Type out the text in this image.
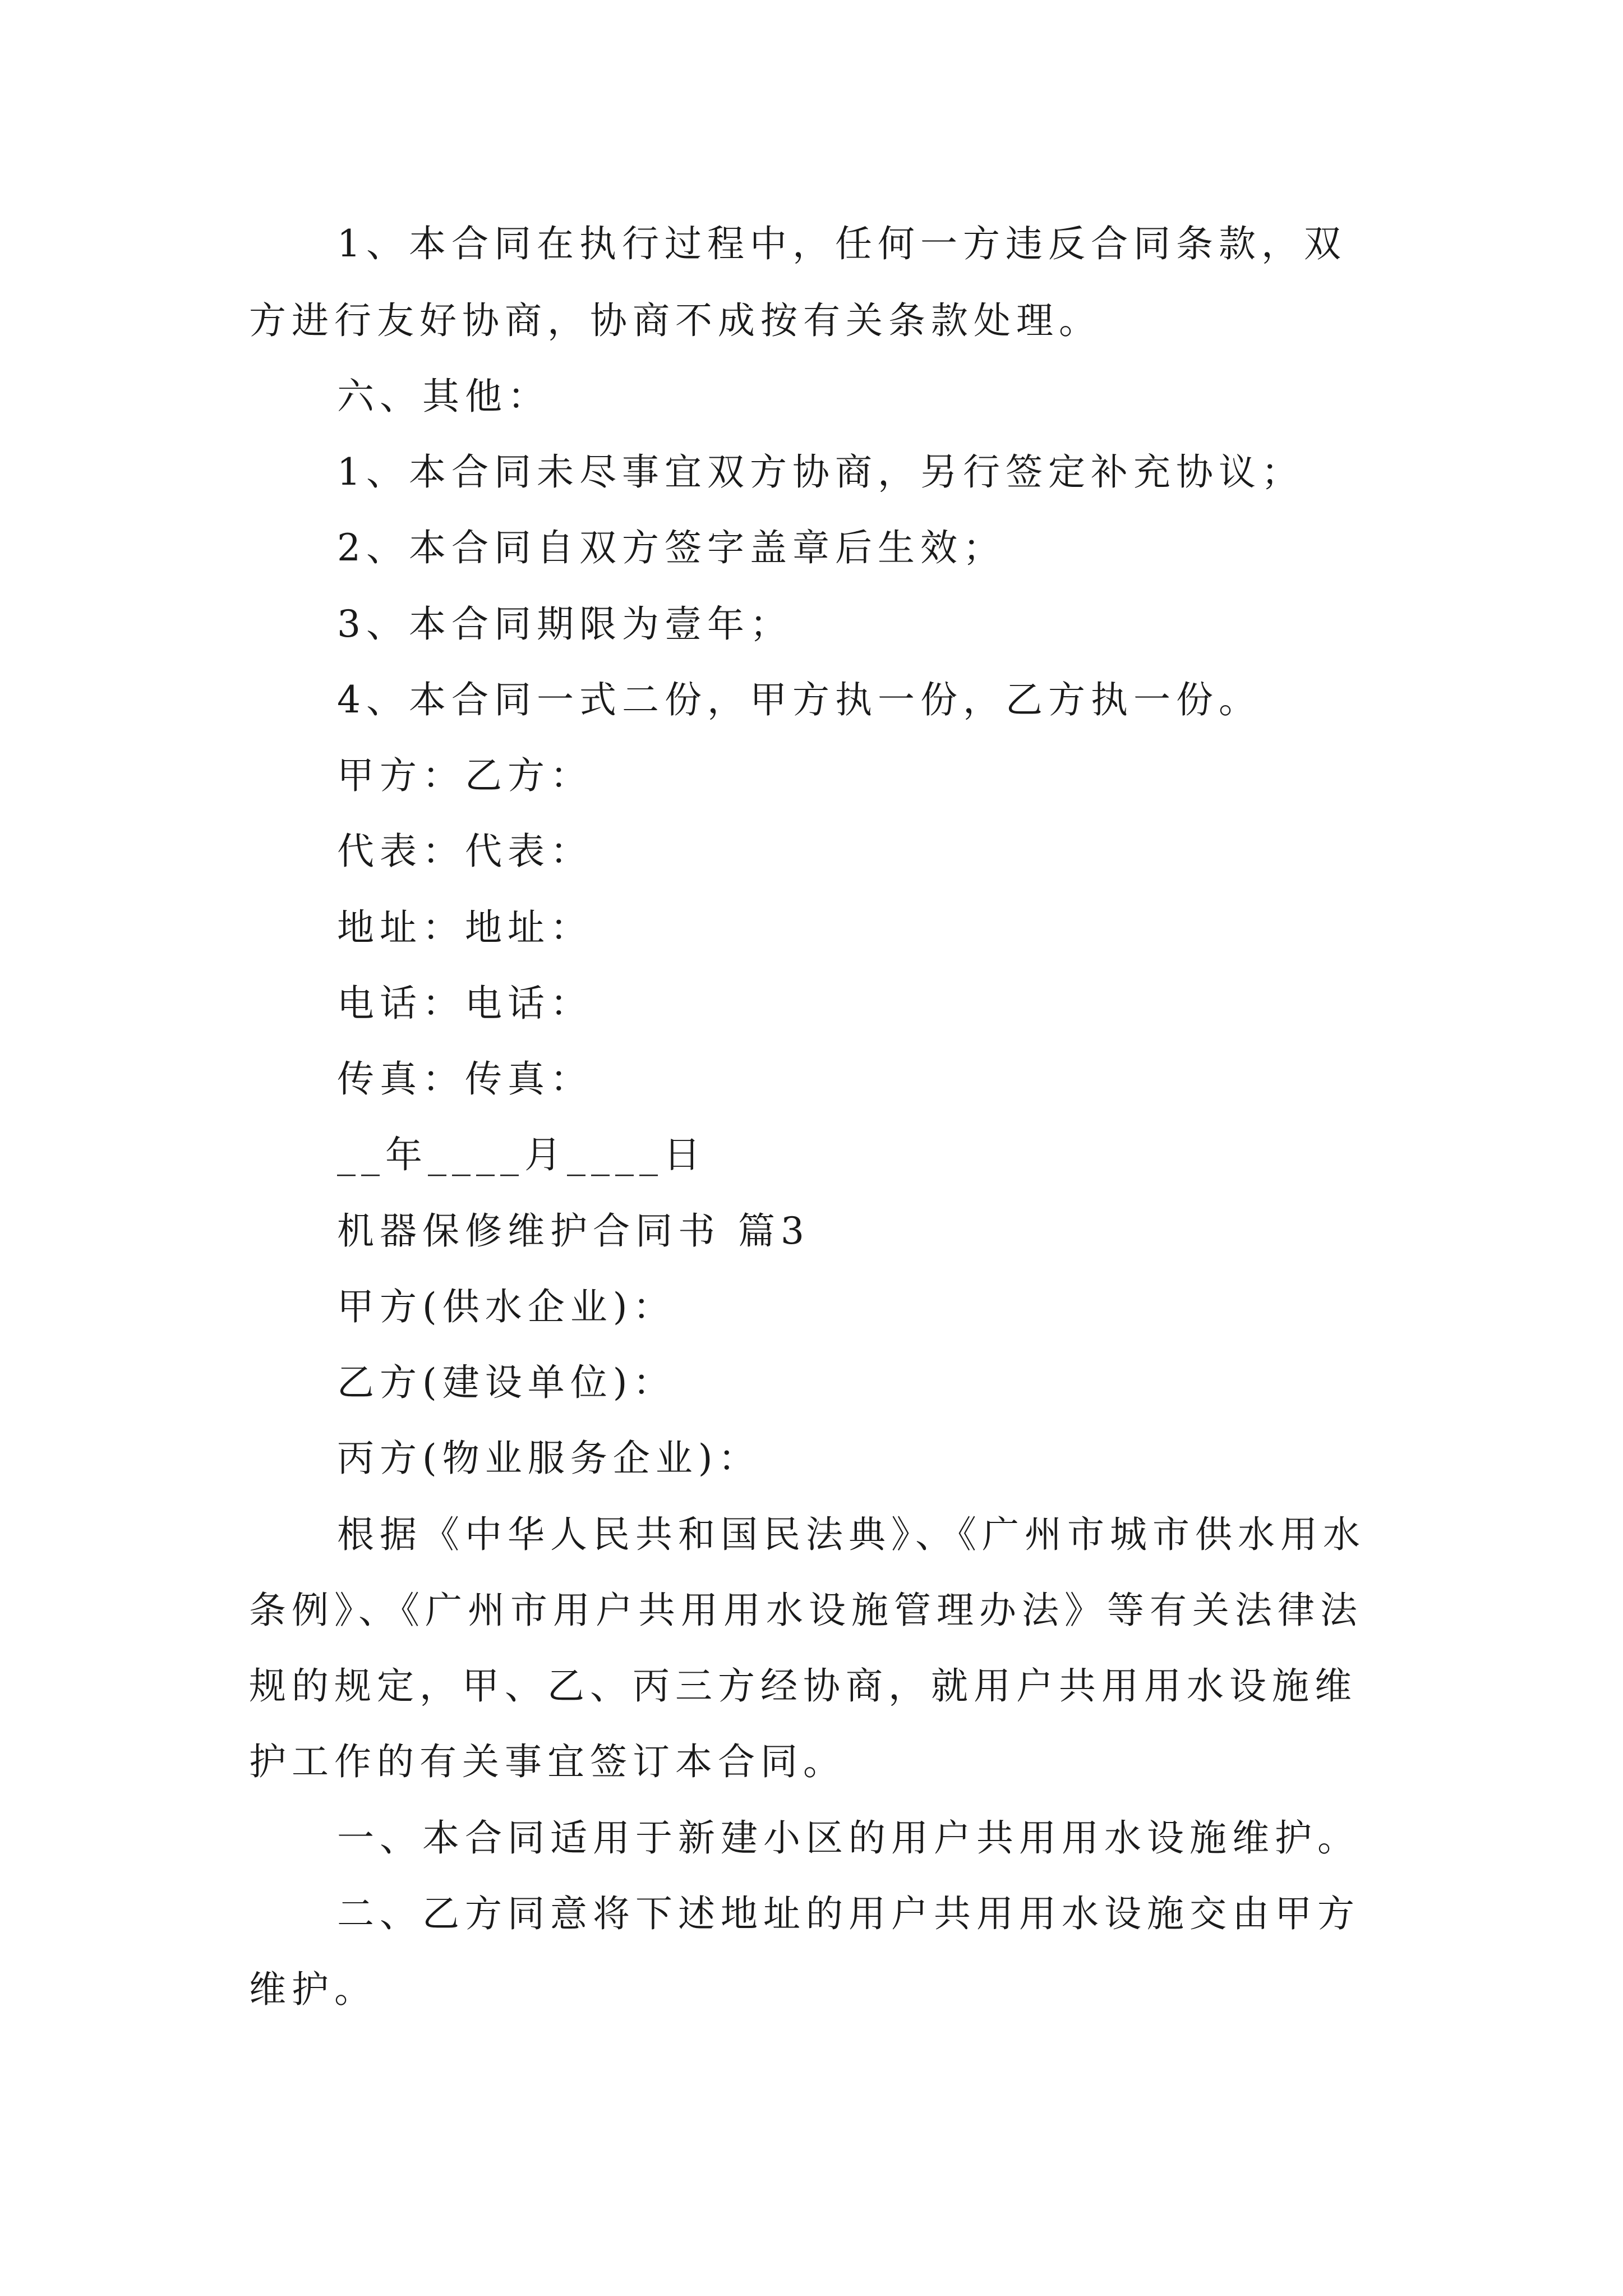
1、本合同在执行过程中，任何一方违反合同条款，双
方进行友好协商，协商不成按有关条款处理。
六、其他：
1、本合同未尽事宜双方协商，另行签定补充协议；
2、本合同自双方签字盖章后生效；
3、本合同期限为壹年；
4、本合同一式二份，甲方执一份，乙方执一份。
甲方：乙方：
代表：代表：
地址：地址：
电话：电话：
传真：传真：
__年____月____日
机器保修维护合同书 篇3
甲方(供水企业)：
乙方(建设单位)：
丙方(物业服务企业)：
根据《中华人民共和国民法典》、《广州市城市供水用水
条例》、《广州市用户共用用水设施管理办法》等有关法律法
规的规定，甲、乙、丙三方经协商，就用户共用用水设施维
护工作的有关事宜签订本合同。
一、本合同适用于新建小区的用户共用用水设施维护。
二、乙方同意将下述地址的用户共用用水设施交由甲方
维护。
